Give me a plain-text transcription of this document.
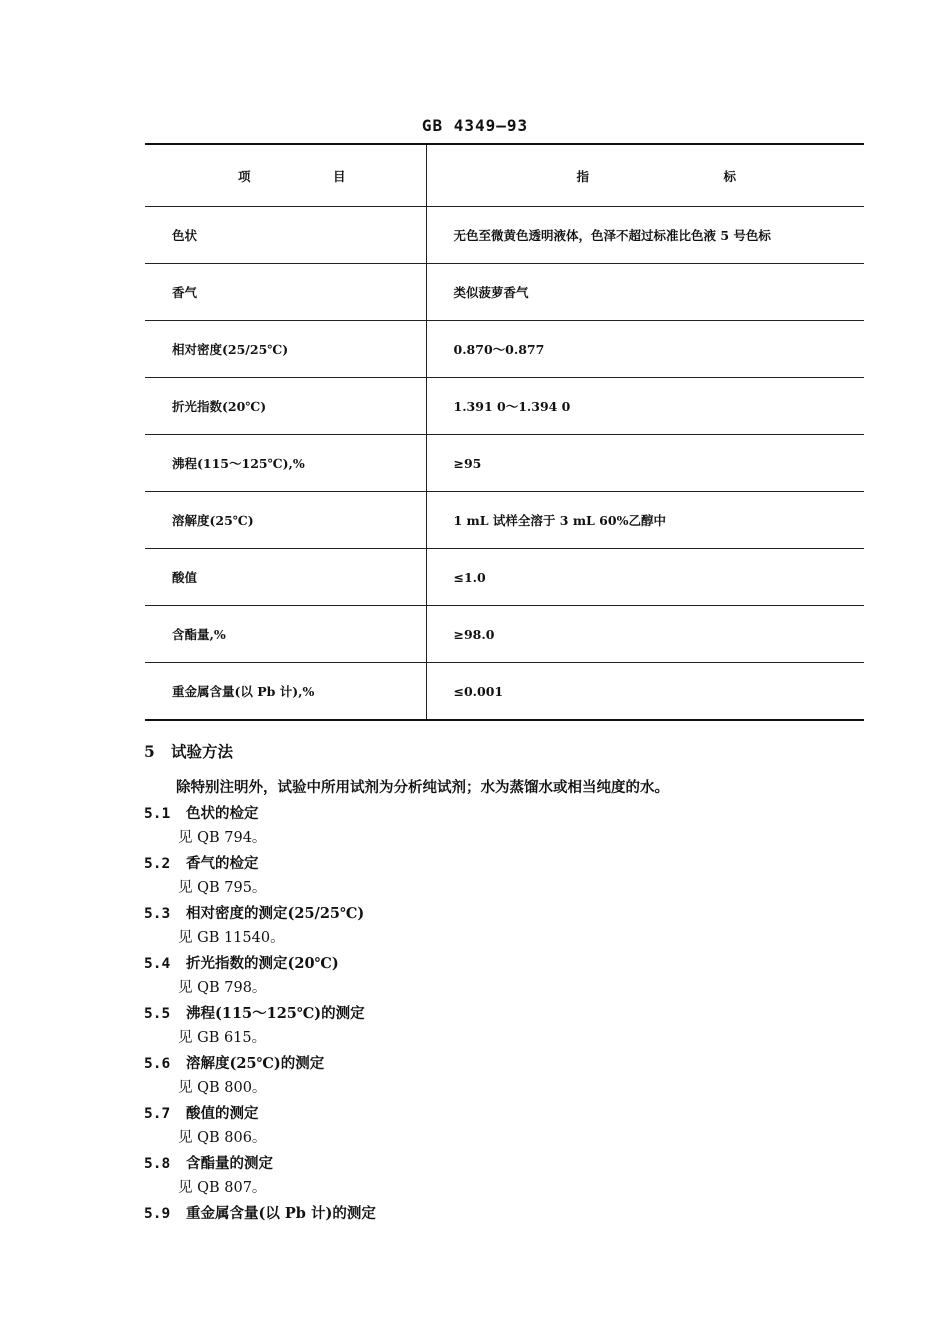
GB 4349—93
项 目	指 标

色状	无色至微黄色透明液体，色泽不超过标准比色液 5 号色标
香气	类似菠萝香气
相对密度(25/25℃)	0.870～0.877
折光指数(20℃)	1.391 0～1.394 0
沸程(115～125℃),%	≥95
溶解度(25℃)	1 mL 试样全溶于 3 mL 60%乙醇中
酸值	≤1.0
含酯量,%	≥98.0
重金属含量(以 Pb 计),%	≤0.001
5 试验方法
除特别注明外，试验中所用试剂为分析纯试剂；水为蒸馏水或相当纯度的水。
5.1 色状的检定
见 QB 794。
5.2 香气的检定
见 QB 795。
5.3 相对密度的测定(25/25℃)
见 GB 11540。
5.4 折光指数的测定(20℃)
见 QB 798。
5.5 沸程(115～125℃)的测定
见 GB 615。
5.6 溶解度(25℃)的测定
见 QB 800。
5.7 酸值的测定
见 QB 806。
5.8 含酯量的测定
见 QB 807。
5.9 重金属含量(以 Pb 计)的测定
